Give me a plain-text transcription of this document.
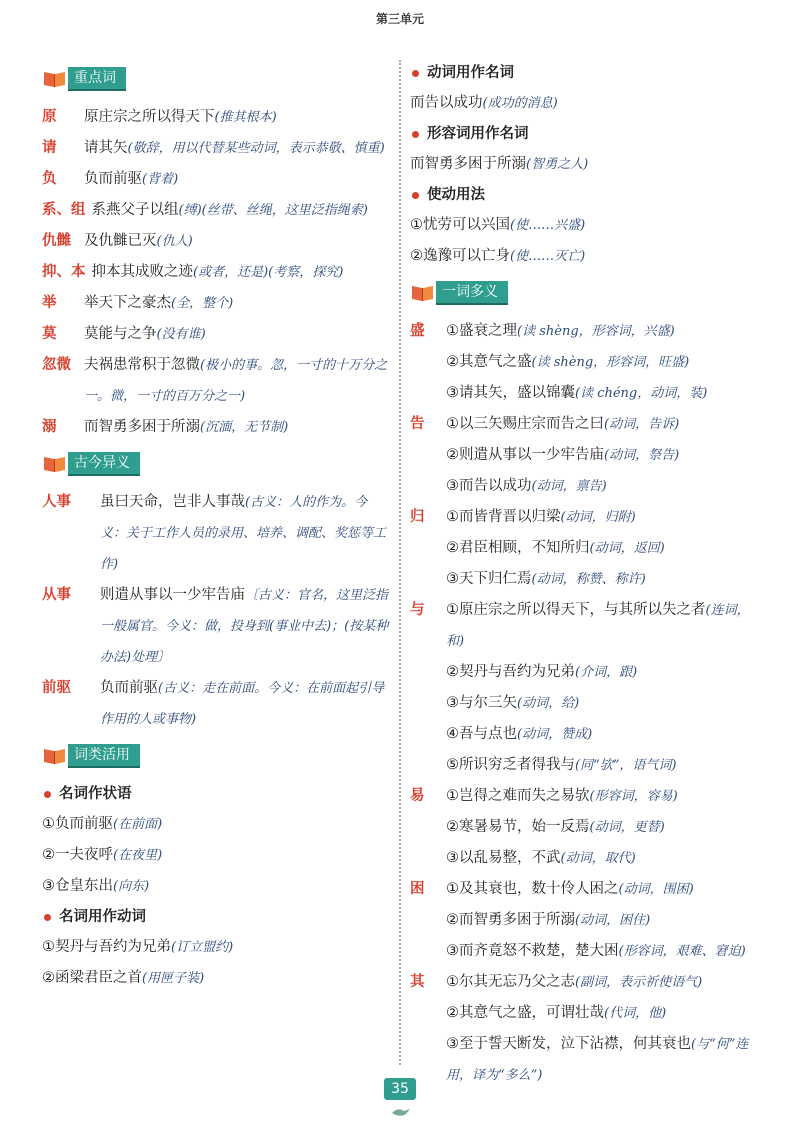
第三单元
重点词
原	原庄宗之所以得天下(推其根本)
请	请其矢(敬辞，用以代替某些动词，表示恭敬、慎重)
负	负而前驱(背着)
系、组 系燕父子以组(缚)(丝带、丝绳，这里泛指绳索)
仇雠 及仇雠已灭(仇人)
抑、本 抑本其成败之迹(或者，还是)(考察，探究)
举	举天下之豪杰(全，整个)
莫	莫能与之争(没有谁)
忽微 夫祸患常积于忽微(极小的事。忽，一寸的十万分之一。微，一寸的百万分之一)
溺	而智勇多困于所溺(沉湎，无节制)
古今异义
人事	虽曰天命，岂非人事哉(古义：人的作为。今义：关于工作人员的录用、培养、调配、奖惩等工作)
从事	则遣从事以一少牢告庙〔古义：官名，这里泛指一般属官。今义：做，投身到(事业中去)；(按某种办法)处理〕
前驱	负而前驱(古义：走在前面。今义：在前面起引导作用的人或事物)
词类活用
名词作状语
①负而前驱(在前面)
②一夫夜呼(在夜里)
③仓皇东出(向东)
名词用作动词
①契丹与吾约为兄弟(订立盟约)
②函梁君臣之首(用匣子装)
动词用作名词
而告以成功(成功的消息)
形容词用作名词
而智勇多困于所溺(智勇之人)
使动用法
①忧劳可以兴国(使……兴盛)
②逸豫可以亡身(使……灭亡)
一词多义
盛	①盛衰之理(读 shèng，形容词，兴盛)
②其意气之盛(读 shèng，形容词，旺盛)
③请其矢，盛以锦囊(读 chéng，动词，装)
告	①以三矢赐庄宗而告之曰(动词，告诉)
②则遣从事以一少牢告庙(动词，祭告)
③而告以成功(动词，禀告)
归	①而皆背晋以归梁(动词，归附)
②君臣相顾，不知所归(动词，返回)
③天下归仁焉(动词，称赞、称许)
与	①原庄宗之所以得天下，与其所以失之者(连词，和)
②契丹与吾约为兄弟(介词，跟)
③与尔三矢(动词，给)
④吾与点也(动词，赞成)
⑤所识穷乏者得我与(同“欤”，语气词)
易	①岂得之难而失之易欤(形容词，容易)
②寒暑易节，始一反焉(动词，更替)
③以乱易整，不武(动词，取代)
困	①及其衰也，数十伶人困之(动词，围困)
②而智勇多困于所溺(动词，困住)
③而齐竟怒不救楚，楚大困(形容词，艰难、窘迫)
其	①尔其无忘乃父之志(副词，表示祈使语气)
②其意气之盛，可谓壮哉(代词，他)
③至于誓天断发，泣下沾襟，何其衰也(与“何”连用，译为“多么”)
35
